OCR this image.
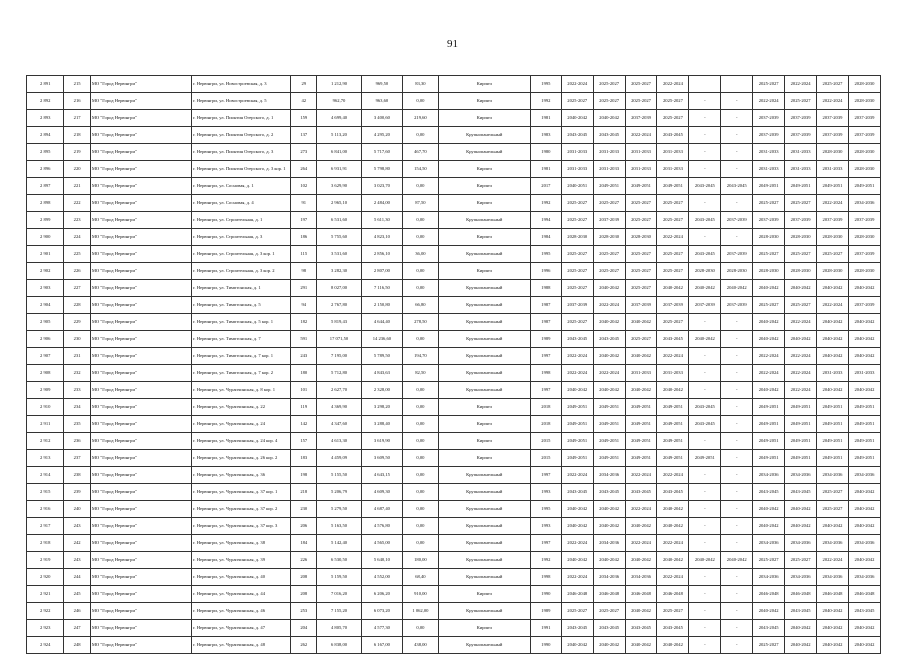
91
2 891	215	МО "Город Нерюнгри"	г. Нерюнгри, ул. Новостроевская, д. 3	29	1 212,90	969,50	83,30	Кирпич	1995	2022-2024	2025-2027	2025-2027	2022-2024			2025-2027	2022-2024	2025-2027	2028-2030
2 892	216	МО "Город Нерюнгри"	г. Нерюнгри, ул. Новостроевская, д. 5	42	962,70	963,60	0,00	Кирпич	1992	2025-2027	2025-2027	2025-2027	2025-2027	-	-	2022-2024	2025-2027	2022-2024	2028-2030
2 893	217	МО "Город Нерюнгри"	г. Нерюнгри, ул. Пионтия Огерского, д. 1	159	4 699,40	3 400,60	219,60	Кирпич	1981	2040-2042	2040-2042	2037-2039	2025-2027	-	-	2037-2039	2037-2039	2037-2039	2037-2039
2 894	218	МО "Город Нерюнгри"	г. Нерюнгри, ул. Пионтия Огерского, д. 2	137	5 113,20	4 295,20	0,00	Крупнопанельный	1983	2043-2045	2043-2045	2022-2024	2043-2045	-	-	2037-2039	2037-2039	2037-2039	2037-2039
2 895	219	МО "Город Нерюнгри"	г. Нерюнгри, ул. Пионтия Огерского, д. 3	273	6 841,00	5 717,60	467,70	Крупнопанельный	1980	2031-2033	2031-2033	2031-2033	2031-2033	-	-	2031-2033	2031-2033	2028-2030	2028-2030
2 896	220	МО "Город Нерюнгри"	г. Нерюнгри, ул. Пионтия Огерского, д. 3 кор. 1	264	6 931,91	5 798,80	154,50	Кирпич	1981	2031-2033	2031-2033	2031-2033	2031-2033	-	-	2031-2033	2031-2033	2031-2033	2028-2030
2 897	221	МО "Город Нерюнгри"	г. Нерюнгри, ул. Сосновая, д. 1	102	3 629,90	3 023,70	0,00	Кирпич	2017	2040-2051	2049-2051	2049-2051	2049-2051	2043-2045	2043-2045	2049-2051	2049-2051	2049-2051	2049-2051
2 898	222	МО "Город Нерюнгри"	г. Нерюнгри, ул. Сосновая, д. 4	91	2 965,10	2 484,00	87,50	Кирпич	1992	2025-2027	2025-2027	2025-2027	2025-2027	-	-	2025-2027	2025-2027	2022-2024	2034-2036
2 899	223	МО "Город Нерюнгри"	г. Нерюнгри, ул. Строительная, д. 1	197	6 531,60	5 611,30	0,00	Крупнопанельный	1994	2025-2027	2037-2039	2025-2027	2025-2027	2043-2045	2037-2039	2037-2039	2037-2039	2037-2039	2037-2039
2 900	224	МО "Город Нерюнгри"	г. Нерюнгри, ул. Строительная, д. 3	186	5 755,60	4 823,10	0,00	Кирпич	1984	2028-2030	2028-2030	2028-2030	2022-2024	-	-	2028-2030	2028-2030	2028-2030	2028-2030
2 901	225	МО "Город Нерюнгри"	г. Нерюнгри, ул. Строительная, д. 3 кор. 1	115	3 531,60	2 856,10	36,00	Крупнопанельный	1995	2025-2027	2025-2027	2025-2027	2025-2027	2043-2045	2037-2039	2025-2027	2025-2027	2025-2027	2037-2039
2 902	226	МО "Город Нерюнгри"	г. Нерюнгри, ул. Строительная, д. 3 кор. 2	98	3 282,30	2 807,00	0,00	Кирпич	1996	2025-2027	2025-2027	2025-2027	2025-2027	2028-2030	2028-2030	2028-2030	2028-2030	2028-2030	2028-2030
2 903	227	МО "Город Нерюнгри"	г. Нерюнгри, ул. Тимптонская, д. 1	291	8 027,00	7 116,50	0,00	Крупнопанельный	1988	2025-2027	2040-2042	2025-2027	2040-2042	2040-2042	2040-2042	2040-2042	2040-2042	2040-2042	2040-2042
2 904	228	МО "Город Нерюнгри"	г. Нерюнгри, ул. Тимптонская, д. 5	94	2 767,80	2 150,80	66,80	Крупнопанельный	1987	2037-2039	2022-2024	2037-2039	2037-2039	2037-2039	2037-2039	2025-2027	2025-2027	2022-2024	2037-2039
2 905	229	МО "Город Нерюнгри"	г. Нерюнгри, ул. Тимптонская, д. 5 кор. 1	182	5 819,43	4 644,40	278,50	Крупнопанельный	1987	2025-2027	2040-2042	2040-2042	2025-2027	-	-	2040-2042	2022-2024	2040-2042	2040-2042
2 906	230	МО "Город Нерюнгри"	г. Нерюнгри, ул. Тимптонская, д. 7	591	17 071,50	14 236,60	0,00	Крупнопанельный	1989	2043-2045	2043-2045	2025-2027	2043-2045	2040-2042	-	2040-2042	2040-2042	2040-2042	2040-2042
2 907	231	МО "Город Нерюнгри"	г. Нерюнгри, ул. Тимптонская, д. 7 кор. 1	243	7 195,00	5 789,50	194,70	Крупнопанельный	1997	2022-2024	2040-2042	2040-2042	2022-2024	-	-	2022-2024	2022-2024	2040-2042	2040-2042
2 908	232	МО "Город Нерюнгри"	г. Нерюнгри, ул. Тимптонская, д. 7 кор. 2	180	5 712,80	4 843,63	82,50	Крупнопанельный	1998	2022-2024	2022-2024	2031-2033	2031-2033	-	-	2022-2024	2022-2024	2031-2033	2031-2033
2 909	233	МО "Город Нерюнгри"	г. Нерюнгри, ул. Чурапчинская, д. 8 кор. 1	101	2 627,70	2 328,00	0,00	Крупнопанельный	1997	2040-2042	2040-2042	2040-2042	2040-2042	-	-	2040-2042	2022-2024	2040-2042	2040-2042
2 910	234	МО "Город Нерюнгри"	г. Нерюнгри, ул. Чурапчинская, д. 22	119	4 369,90	3 298,20	0,00	Кирпич	2018	2049-2051	2049-2051	2049-2051	2049-2051	2043-2045	-	2049-2051	2049-2051	2049-2051	2049-2051
2 911	235	МО "Город Нерюнгри"	г. Нерюнгри, ул. Чурапчинская, д. 24	142	4 347,60	3 288,40	0,00	Кирпич	2018	2049-2051	2049-2051	2049-2051	2049-2051	2043-2045	-	2049-2051	2049-2051	2049-2051	2049-2051
2 912	236	МО "Город Нерюнгри"	г. Нерюнгри, ул. Чурапчинская, д. 24 кор. 4	157	4 613,30	3 619,90	0,00	Кирпич	2015	2049-2051	2049-2051	2049-2051	2049-2051	-	-	2049-2051	2049-2051	2049-2051	2049-2051
2 913	237	МО "Город Нерюнгри"	г. Нерюнгри, ул. Чурапчинская, д. 26 кор. 2	183	4 459,09	3 609,50	0,00	Кирпич	2015	2049-2051	2049-2051	2049-2051	2049-2051	2049-2051	-	2049-2051	2049-2051	2049-2051	2049-2051
2 914	238	МО "Город Нерюнгри"	г. Нерюнгри, ул. Чурапчинская, д. 36	198	5 155,50	4 643,15	0,00	Крупнопанельный	1997	2022-2024	2034-2036	2022-2024	2022-2024	-	-	2034-2036	2034-2036	2034-2036	2034-2036
2 915	239	МО "Город Нерюнгри"	г. Нерюнгри, ул. Чурапчинская, д. 37 кор. 1	218	5 206,79	4 609,30	0,00	Крупнопанельный	1993	2043-2045	2043-2045	2043-2045	2043-2045	-	-	2043-2045	2043-2045	2025-2027	2040-2042
2 916	240	МО "Город Нерюнгри"	г. Нерюнгри, ул. Чурапчинская, д. 37 кор. 2	230	5 279,50	4 687,40	0,00	Крупнопанельный	1995	2040-2042	2040-2042	2022-2024	2040-2042	-	-	2040-2042	2040-2042	2025-2027	2040-2042
2 917	243	МО "Город Нерюнгри"	г. Нерюнгри, ул. Чурапчинская, д. 37 кор. 3	206	5 163,50	4 576,80	0,00	Крупнопанельный	1993	2040-2042	2040-2042	2040-2042	2040-2042	-	-	2040-2042	2040-2042	2040-2042	2040-2042
2 918	242	МО "Город Нерюнгри"	г. Нерюнгри, ул. Чурапчинская, д. 38	184	5 142,40	4 565,00	0,00	Крупнопанельный	1997	2022-2024	2034-2036	2022-2024	2022-2024	-	-	2034-2036	2034-2036	2034-2036	2034-2036
2 919	243	МО "Город Нерюнгри"	г. Нерюнгри, ул. Чурапчинская, д. 39	226	6 530,50	5 640,10	180,00	Крупнопанельный	1992	2040-2042	2040-2042	2040-2042	2040-2042	2040-2042	2040-2042	2025-2027	2025-2027	2022-2024	2040-2042
2 920	244	МО "Город Нерюнгри"	г. Нерюнгри, ул. Чурапчинская, д. 40	208	5 159,50	4 552,00	68,40	Крупнопанельный	1998	2022-2024	2034-2036	2034-2036	2022-2024	-	-	2034-2036	2034-2036	2034-2036	2034-2036
2 921	245	МО "Город Нерюнгри"	г. Нерюнгри, ул. Чурапчинская, д. 44	208	7 016,20	6 206,20	910,00	Кирпич	1990	2046-2048	2046-2048	2046-2048	2046-2048	-	-	2046-2048	2046-2048	2046-2048	2046-2048
2 922	246	МО "Город Нерюнгри"	г. Нерюнгри, ул. Чурапчинская, д. 46	253	7 155,20	6 073,20	1 062,00	Крупнопанельный	1989	2025-2027	2025-2027	2040-2042	2025-2027	-	-	2040-2042	2043-2045	2040-2042	2043-2045
2 923	247	МО "Город Нерюнгри"	г. Нерюнгри, ул. Чурапчинская, д. 47	204	4 805,70	4 577,30	0,00	Кирпич	1991	2043-2045	2043-2045	2043-2045	2043-2045	-	-	2043-2045	2040-2042	2040-2042	2040-2042
2 924	248	МО "Город Нерюнгри"	г. Нерюнгри, ул. Чурапчинская, д. 48	262	6 838,00	6 167,00	438,00	Крупнопанельный	1990	2040-2042	2040-2042	2040-2042	2040-2042	-	-	2025-2027	2040-2042	2040-2042	2040-2042
